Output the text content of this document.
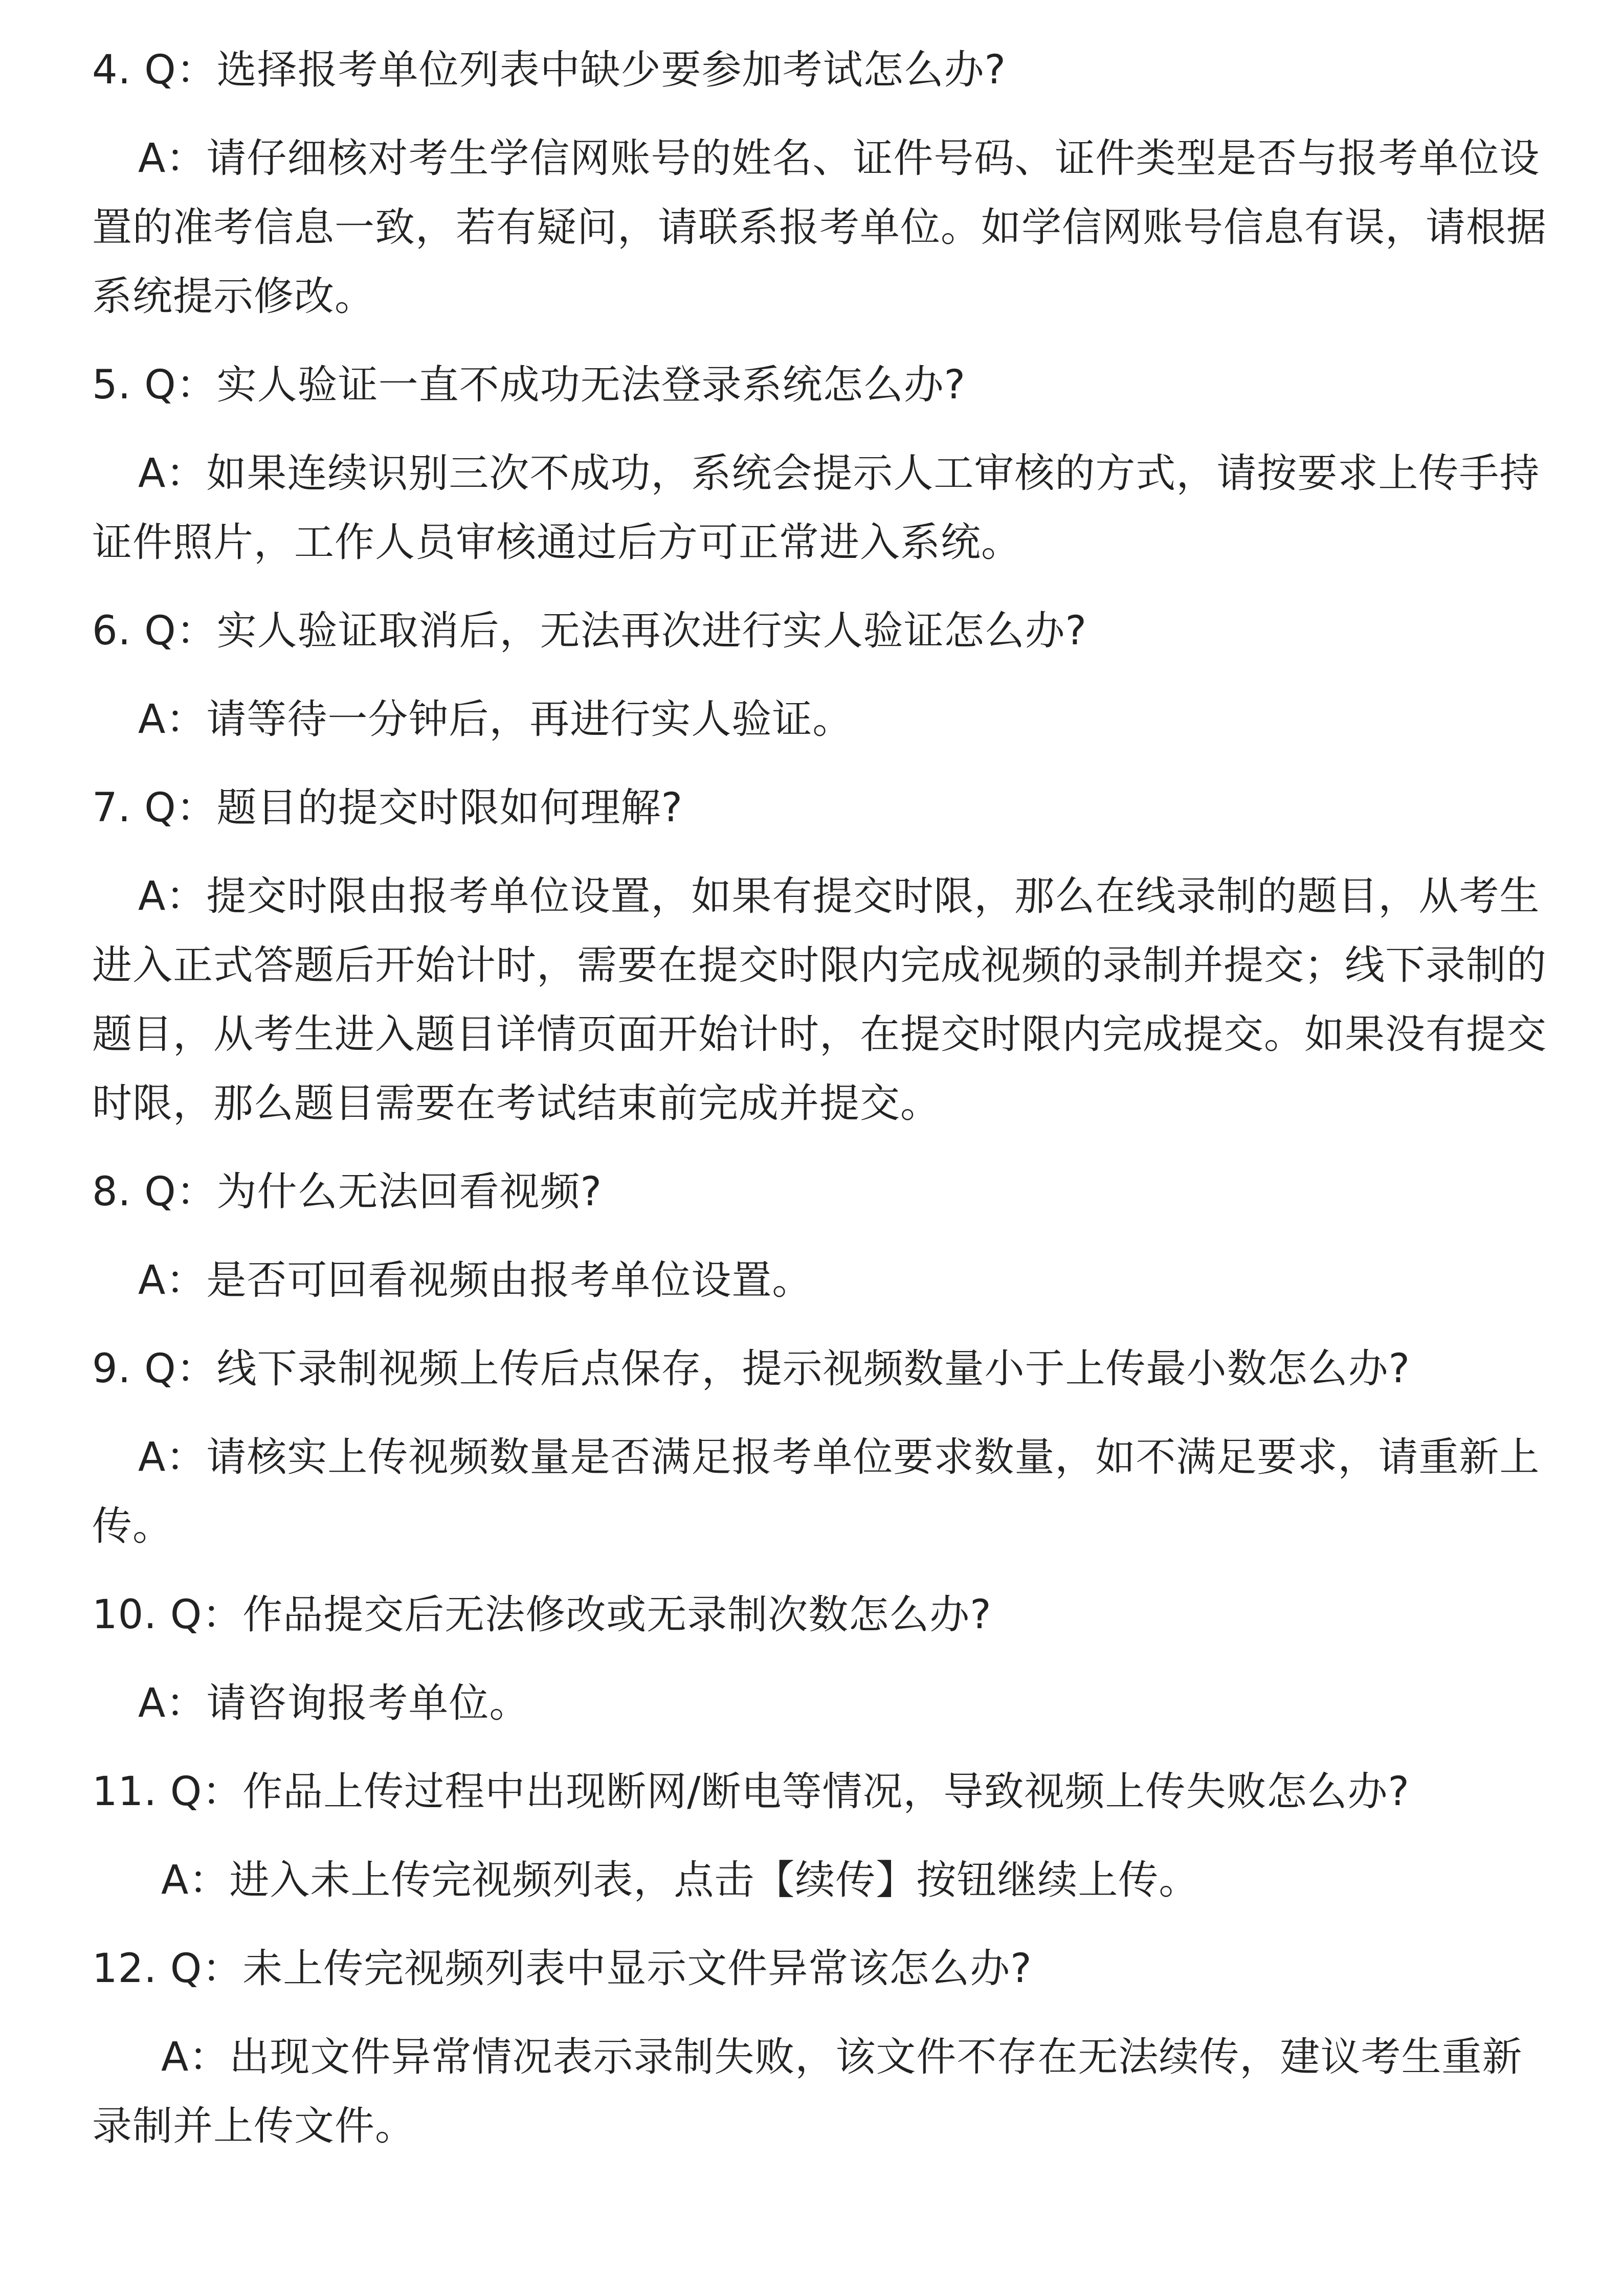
4. Q：选择报考单位列表中缺少要参加考试怎么办?

A：请仔细核对考生学信网账号的姓名、证件号码、证件类型是否与报考单位设置的准考信息一致，若有疑问，请联系报考单位。如学信网账号信息有误，请根据系统提示修改。

5. Q：实人验证一直不成功无法登录系统怎么办?

A：如果连续识别三次不成功，系统会提示人工审核的方式，请按要求上传手持证件照片，工作人员审核通过后方可正常进入系统。

6. Q：实人验证取消后，无法再次进行实人验证怎么办?

A：请等待一分钟后，再进行实人验证。

7. Q：题目的提交时限如何理解?

A：提交时限由报考单位设置，如果有提交时限，那么在线录制的题目，从考生进入正式答题后开始计时，需要在提交时限内完成视频的录制并提交；线下录制的题目，从考生进入题目详情页面开始计时，在提交时限内完成提交。如果没有提交时限，那么题目需要在考试结束前完成并提交。

8. Q：为什么无法回看视频?

A：是否可回看视频由报考单位设置。

9. Q：线下录制视频上传后点保存，提示视频数量小于上传最小数怎么办?

A：请核实上传视频数量是否满足报考单位要求数量，如不满足要求，请重新上传。

10. Q：作品提交后无法修改或无录制次数怎么办?

A：请咨询报考单位。

11. Q：作品上传过程中出现断网/断电等情况，导致视频上传失败怎么办?

A：进入未上传完视频列表，点击【续传】按钮继续上传。

12. Q：未上传完视频列表中显示文件异常该怎么办?

A：出现文件异常情况表示录制失败，该文件不存在无法续传，建议考生重新录制并上传文件。
